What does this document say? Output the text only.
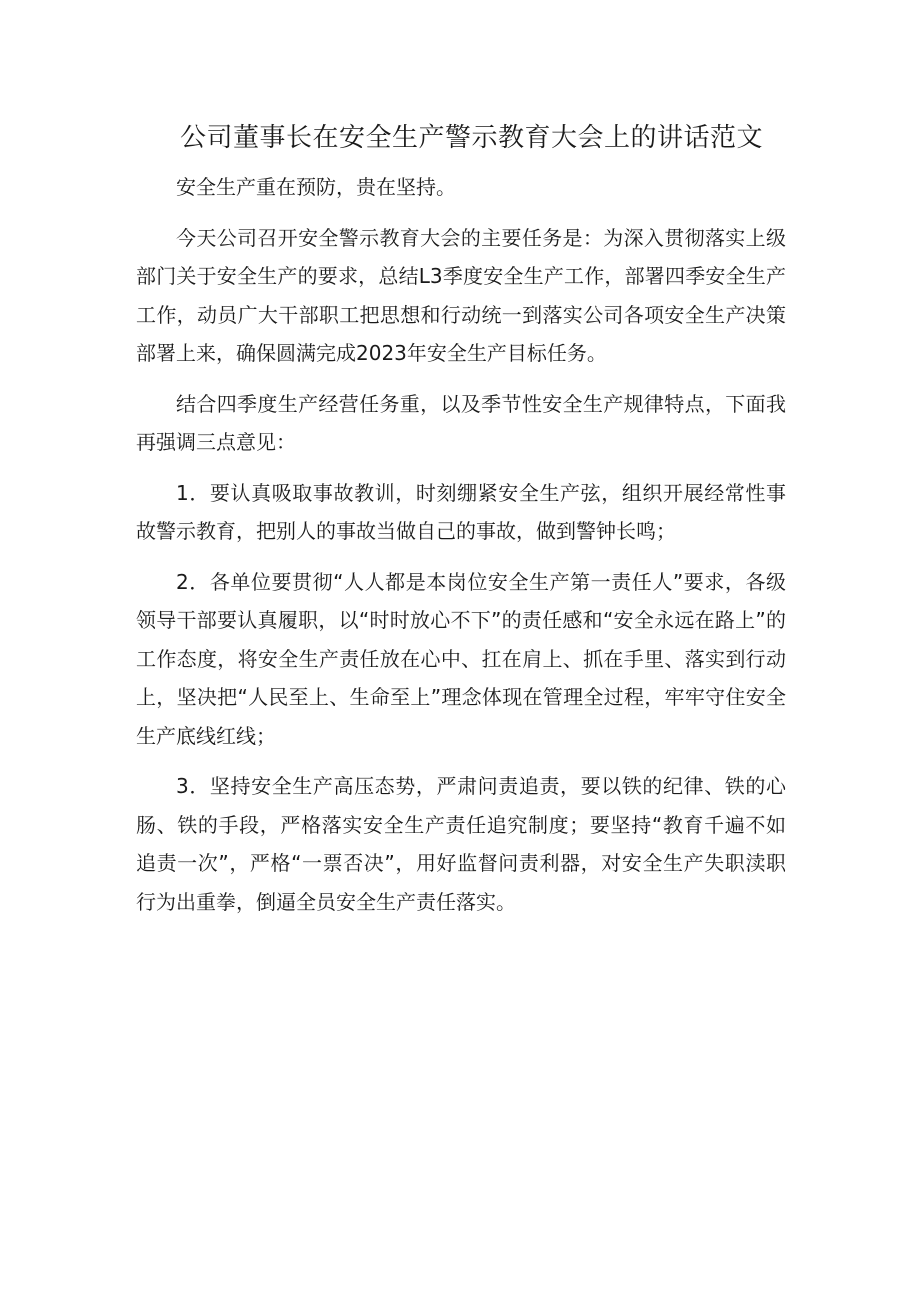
公司董事长在安全生产警示教育大会上的讲话范文

安全生产重在预防，贵在坚持。

今天公司召开安全警示教育大会的主要任务是：为深入贯彻落实上级部门关于安全生产的要求，总结L3季度安全生产工作，部署四季安全生产工作，动员广大干部职工把思想和行动统一到落实公司各项安全生产决策部署上来，确保圆满完成2023年安全生产目标任务。

结合四季度生产经营任务重，以及季节性安全生产规律特点，下面我再强调三点意见：

1．要认真吸取事故教训，时刻绷紧安全生产弦，组织开展经常性事故警示教育，把别人的事故当做自己的事故，做到警钟长鸣；

2．各单位要贯彻“人人都是本岗位安全生产第一责任人”要求，各级领导干部要认真履职，以“时时放心不下”的责任感和“安全永远在路上”的工作态度，将安全生产责任放在心中、扛在肩上、抓在手里、落实到行动上，坚决把“人民至上、生命至上”理念体现在管理全过程，牢牢守住安全生产底线红线；

3．坚持安全生产高压态势，严肃问责追责，要以铁的纪律、铁的心肠、铁的手段，严格落实安全生产责任追究制度；要坚持“教育千遍不如追责一次”，严格“一票否决”，用好监督问责利器，对安全生产失职渎职行为出重拳，倒逼全员安全生产责任落实。
